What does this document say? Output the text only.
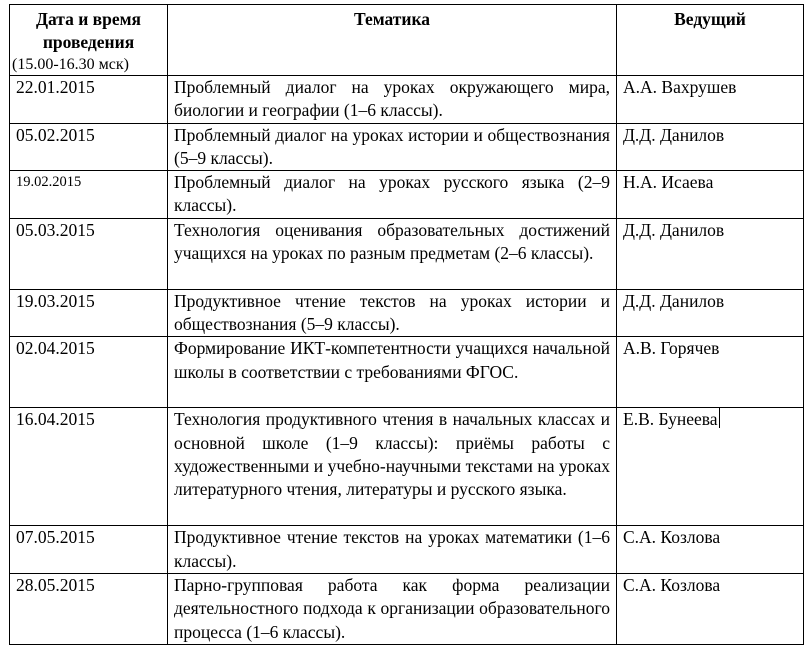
Дата и время проведения
(15.00-16.30 мск)	Тематика	Ведущий
22.01.2015	Проблемный диалог на уроках окружающего мира, биологии и географии (1–6 классы).	А.А. Вахрушев
05.02.2015	Проблемный диалог на уроках истории и обществознания (5–9 классы).	Д.Д. Данилов
19.02.2015	Проблемный диалог на уроках русского языка (2–9 классы).	Н.А. Исаева
05.03.2015	Технология оценивания образовательных достижений учащихся на уроках по разным предметам (2–6 классы).	Д.Д. Данилов
19.03.2015	Продуктивное чтение текстов на уроках истории и обществознания (5–9 классы).	Д.Д. Данилов
02.04.2015	Формирование ИКТ-компетентности учащихся начальной школы в соответствии с требованиями ФГОС.	А.В. Горячев
16.04.2015	Технология продуктивного чтения в начальных классах и основной школе (1–9 классы): приёмы работы с художественными и учебно-научными текстами на уроках литературного чтения, литературы и русского языка.	Е.В. Бунеева
07.05.2015	Продуктивное чтение текстов на уроках математики (1–6 классы).	С.А. Козлова
28.05.2015	Парно-групповая работа как форма реализации деятельностного подхода к организации образовательного процесса (1–6 классы).	С.А. Козлова
